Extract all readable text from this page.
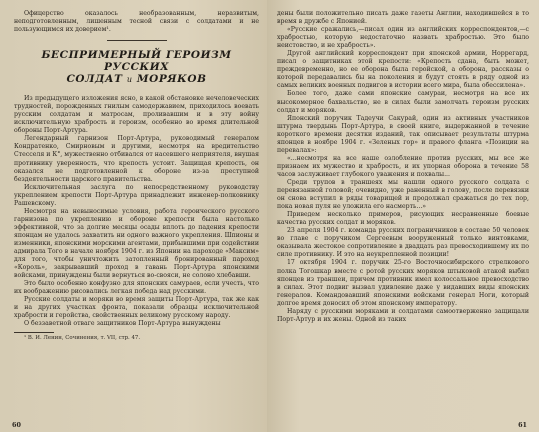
Офицерство оказалось необразованным, неразвитым, неподготовленным, лишенным тесной связи с солдатами и не пользующимся их доверием¹.

БЕСПРИМЕРНЫЙ ГЕРОИЗМ РУССКИХ
СОЛДАТ и МОРЯКОВ

Из предыдущего изложения ясно, в какой обстановке нечеловеческих трудностей, порожденных гнилым самодержавием, приходилось воевать русским солдатам и матросам, проливавшим и в эту войну исключительную храбрость и героизм, особенно во время длительной обороны Порт-Артура.

Легендарный гарнизон Порт-Артура, руководимый генералом Кондратенко, Смирновым и другими, несмотря на вредительство Стесселя и К°, мужественно отбивался от насевшего неприятеля, внушая противнику уверенность, что крепость устоит. Защищая крепость, он оказался не подготовленной к обороне из-за преступной бездеятельности царского правительства.

Исключительная заслуга по непосредственному руководству укреплением крепости Порт-Артура принадлежит инженер-полковнику Рашевскому.

Несмотря на невыносимые условия, работа героического русского гарнизона по укреплению и обороне крепости была настолько эффективной, что за долгие месяцы осады вплоть до падения крепости японцам не удалось захватить ни одного важного укрепления. Шпионы и изменники, японскими морскими агентами, прибывшими при содействии адмирала Того в начале ноября 1904 г. из Японии на пароходе «Максим» для того, чтобы уничтожить затопленный бронированный пароход «Король», закрывавший проход в гавань Порт-Артура японскими войсками, принуждены были вернуться во-свояси, не солоно хлебавши.

Это было особенно конфузно для японских самураев, если учесть, что их воображению рисовались легкая победа над русскими.

Русские солдаты и моряки во время защиты Порт-Артура, так же как и на других участках фронта, показали образцы исключительной храбрости и геройства, свойственных великому русскому народу.

О беззаветной отваге защитников Порт-Артура вынуждены

¹ В. И. Ленин, Сочинения, т. VII, стр. 47.

60

дены были положительно писать даже газеты Англии, находившейся в то время в дружбе с Японией.

«Русские сражались,—писал один из английских корреспондентов,—с храбростью, которую недостаточно назвать храбростью. Это было неистовство, и не храбрость».

Другой английский корреспондент при японской армии, Норрегард, писал о защитниках этой крепости: «Крепость сдана, быть может, преждевременно, но ее оборона была геройской, а оборона, рассказы о которой передавались бы на поколения и будут стоять в ряду одной из самых великих военных подвигов в истории всего мира, была обессилена».

Более того, даже сами японские самураи, несмотря на все их высокомерное бахвальство, не в силах были замолчать героизм русских солдат и моряков.

Японский поручик Тадеучи Сакурай, один из активных участников штурма твердынь Порт-Артура, в своей книге, выдержанной в течение короткого времени десятки изданий, так описывает результаты штурма японцев в ноябре 1904 г. «Зеленых гор» и правого фланга «Позиции на перевалах»:

«...несмотря на все наше озлобление против русских, мы все же признаем их мужество и храбрость, и их упорная оборона в течение 58 часов заслуживает глубокого уважения и похвалы...

Среди трупов в траншеях мы нашли одного русского солдата с перевязанной головой; очевидно, уже раненный в голову, после перевязки он снова вступил в ряды товарищей и продолжал сражаться до тех пор, пока новая пуля не уложила его насмерть...»

Приведем несколько примеров, рисующих несравненные боевые качества русских солдат и моряков.

23 апреля 1904 г. команда русских пограничников в составе 50 человек во главе с поручиком Сергеевым вооруженный только винтовками, оказывала жестокое сопротивление в двадцать раз превосходившему их по силе противнику. И это на неукрепленной позиции!

17 октября 1904 г. поручик 25-го Восточносибирского стрелкового полка Тогошкар вместе с ротой русских моряков штыковой атакой выбил японцев из траншеи, причем противник имел колоссальное превосходство в силах. Этот подвиг вызвал удивление даже у видавших виды японских генералов. Командовавший японскими войсками генерал Ноги, который долгое время доносил об этом японскому императору.

Наряду с русскими моряками и солдатами самоотверженно защищали Порт-Артур и их жены. Одной из таких

61
